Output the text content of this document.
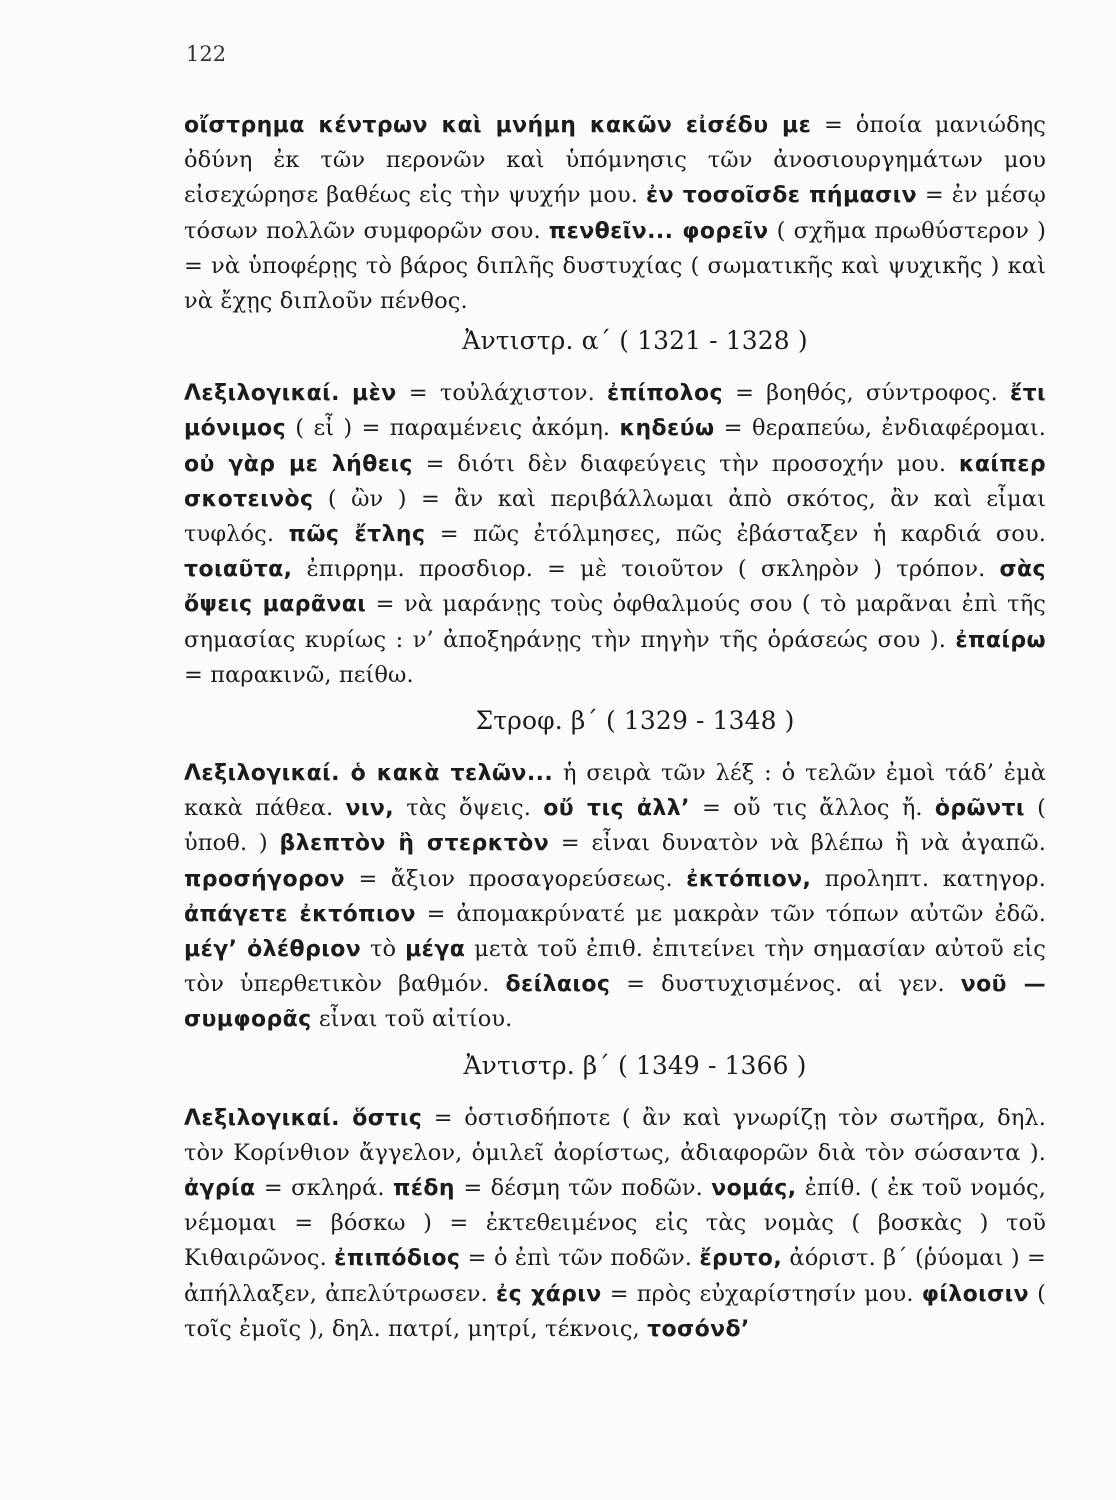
122

οἴστρημα κέντρων καὶ μνήμη κακῶν εἰσέδυ με = ὁποία μανιώδης ὀδύνη ἐκ τῶν περονῶν καὶ ὑπόμνησις τῶν ἀνοσιουργημάτων μου εἰσεχώρησε βαθέως εἰς τὴν ψυχήν μου. ἐν τοσοῖσδε πήμασιν = ἐν μέσῳ τόσων πολλῶν συμφορῶν σου. πενθεῖν... φορεῖν ( σχῆμα πρωθύστερον ) = νὰ ὑποφέρῃς τὸ βάρος διπλῆς δυστυχίας ( σωματικῆς καὶ ψυχικῆς ) καὶ νὰ ἔχῃς διπλοῦν πένθος.

Ἀντιστρ. α΄ ( 1321 - 1328 )

Λεξιλογικαί. μὲν = τοὐλάχιστον. ἐπίπολος = βοηθός, σύντροφος. ἔτι μόνιμος ( εἶ ) = παραμένεις ἀκόμη. κηδεύω = θεραπεύω, ἐνδιαφέρομαι. οὐ γὰρ με λήθεις = διότι δὲν διαφεύγεις τὴν προσοχήν μου. καίπερ σκοτεινὸς ( ὢν ) = ἂν καὶ περιβάλλωμαι ἀπὸ σκότος, ἂν καὶ εἶμαι τυφλός. πῶς ἔτλης = πῶς ἐτόλμησες, πῶς ἐβάσταξεν ἡ καρδιά σου. τοιαῦτα, ἐπιρρημ. προσδιορ. = μὲ τοιοῦτον ( σκληρὸν ) τρόπον. σὰς ὄψεις μαρᾶναι = νὰ μαράνῃς τοὺς ὀφθαλμούς σου ( τὸ μαρᾶναι ἐπὶ τῆς σημασίας κυρίως : ν’ ἀποξηράνῃς τὴν πηγὴν τῆς ὁράσεώς σου ). ἐπαίρω = παρακινῶ, πείθω.

Στροφ. β΄ ( 1329 - 1348 )

Λεξιλογικαί. ὁ κακὰ τελῶν... ἡ σειρὰ τῶν λέξ : ὁ τελῶν ἐμοὶ τάδ’ ἐμὰ κακὰ πάθεα. νιν, τὰς ὄψεις. οὔ τις ἀλλ’ = οὔ τις ἄλλος ἤ. ὁρῶντι ( ὑποθ. ) βλεπτὸν ἢ στερκτὸν = εἶναι δυνατὸν νὰ βλέπω ἢ νὰ ἀγαπῶ. προσήγορον = ἄξιον προσαγορεύσεως. ἐκτόπιον, προληπτ. κατηγορ. ἀπάγετε ἐκτόπιον = ἀπομακρύνατέ με μακρὰν τῶν τόπων αὐτῶν ἐδῶ. μέγ’ ὀλέθριον τὸ μέγα μετὰ τοῦ ἐπιθ. ἐπιτείνει τὴν σημασίαν αὐτοῦ εἰς τὸν ὑπερθετικὸν βαθμόν. δείλαιος = δυστυχισμένος. αἱ γεν. νοῦ — συμφορᾶς εἶναι τοῦ αἰτίου.

Ἀντιστρ. β΄ ( 1349 - 1366 )

Λεξιλογικαί. ὅστις = ὁστισδήποτε ( ἂν καὶ γνωρίζῃ τὸν σωτῆρα, δηλ. τὸν Κορίνθιον ἄγγελον, ὁμιλεῖ ἀορίστως, ἀδιαφορῶν διὰ τὸν σώσαντα ). ἀγρία = σκληρά. πέδη = δέσμη τῶν ποδῶν. νομάς, ἐπίθ. ( ἐκ τοῦ νομός, νέμομαι = βόσκω ) = ἐκτεθειμένος εἰς τὰς νομὰς ( βοσκὰς ) τοῦ Κιθαιρῶνος. ἐπιπόδιος = ὁ ἐπὶ τῶν ποδῶν. ἔρυτο, ἀόριστ. β΄ (ῥύομαι ) = ἀπήλλαξεν, ἀπελύτρωσεν. ἐς χάριν = πρὸς εὐχαρίστησίν μου. φίλοισιν ( τοῖς ἐμοῖς ), δηλ. πατρί, μητρί, τέκνοις, τοσόνδ’
